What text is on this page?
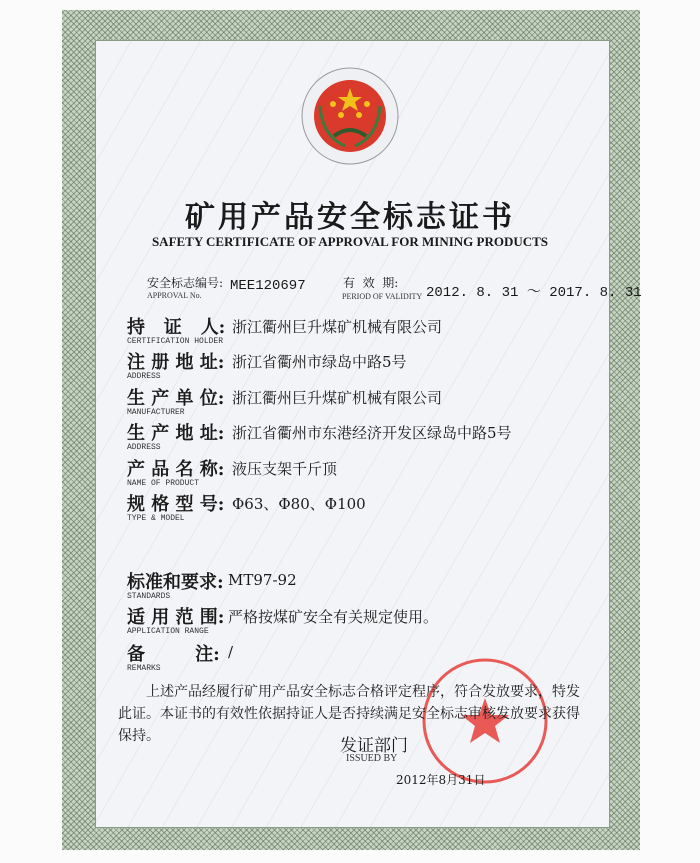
矿用产品安全标志证书
SAFETY CERTIFICATE OF APPROVAL FOR MINING PRODUCTS
安全标志编号:
APPROVAL No.
MEE120697	有  效  期:
PERIOD OF VALIDITY 2012. 8. 31 ～ 2017. 8. 31
持   证   人:
CERTIFICATION HOLDER
浙江衢州巨升煤矿机械有限公司
注 册 地 址:
ADDRESS
浙江省衢州市绿岛中路5号
生 产 单 位:
MANUFACTURER
浙江衢州巨升煤矿机械有限公司
生 产 地 址:
ADDRESS
浙江省衢州市东港经济开发区绿岛中路5号
产 品 名 称:
NAME OF PRODUCT
液压支架千斤顶
规 格 型 号:
TYPE & MODEL
Φ63、Φ80、Φ100
标准和要求:
STANDARDS
MT97-92
适 用 范 围:
APPLICATION RANGE
严格按煤矿安全有关规定使用。
备        注:
REMARKS
/
上述产品经履行矿用产品安全标志合格评定程序，符合发放要求，特发此证。本证书的有效性依据持证人是否持续满足安全标志审核发放要求获得保持。	发证部门
ISSUED BY
2012年8月31日
